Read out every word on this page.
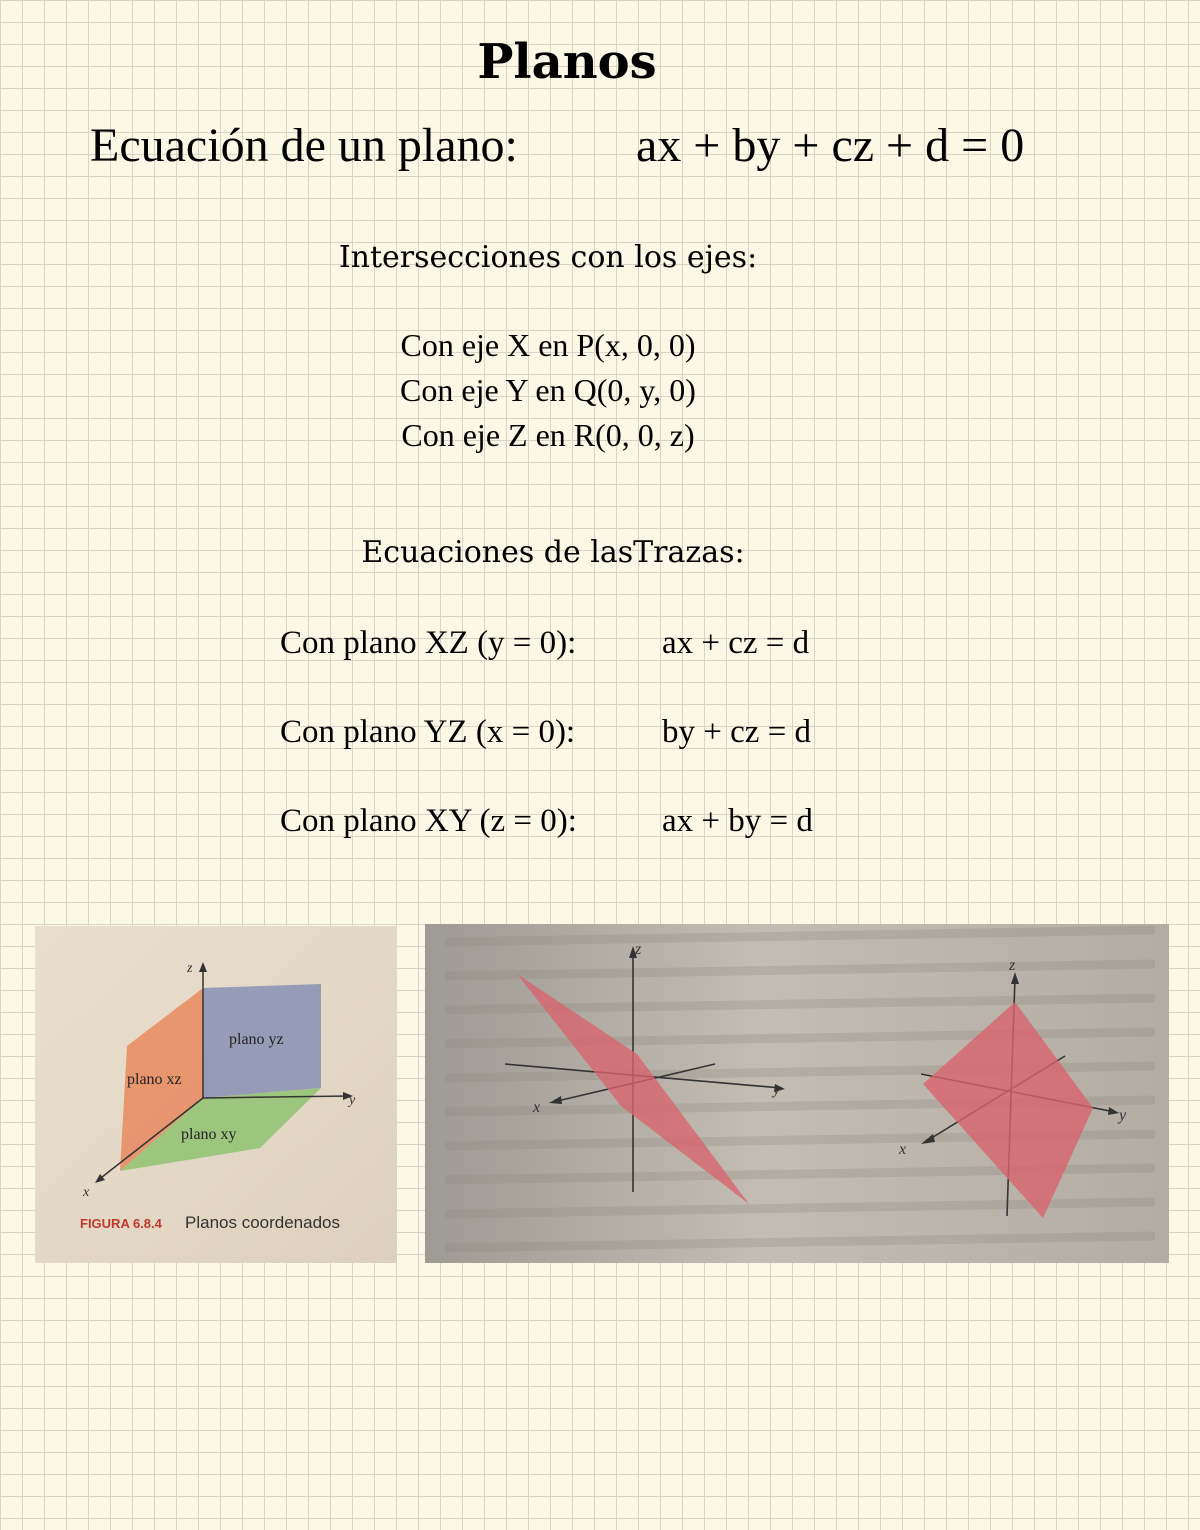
Planos
Ecuación de un plano: ax + by + cz + d = 0
Intersecciones con los ejes:
Con eje X en P(x, 0, 0)
Con eje Y en Q(0, y, 0)
Con eje Z en R(0, 0, z)
Ecuaciones de lasTrazas:
Con plano XZ (y = 0):	ax + cz = d
Con plano YZ (x = 0):	by + cz = d
Con plano XY (z = 0):	ax + by = d
z
y
x
plano yz
plano xz
plano xy
FIGURA 6.8.4 Planos coordenados
z
y
x
z
y
x
